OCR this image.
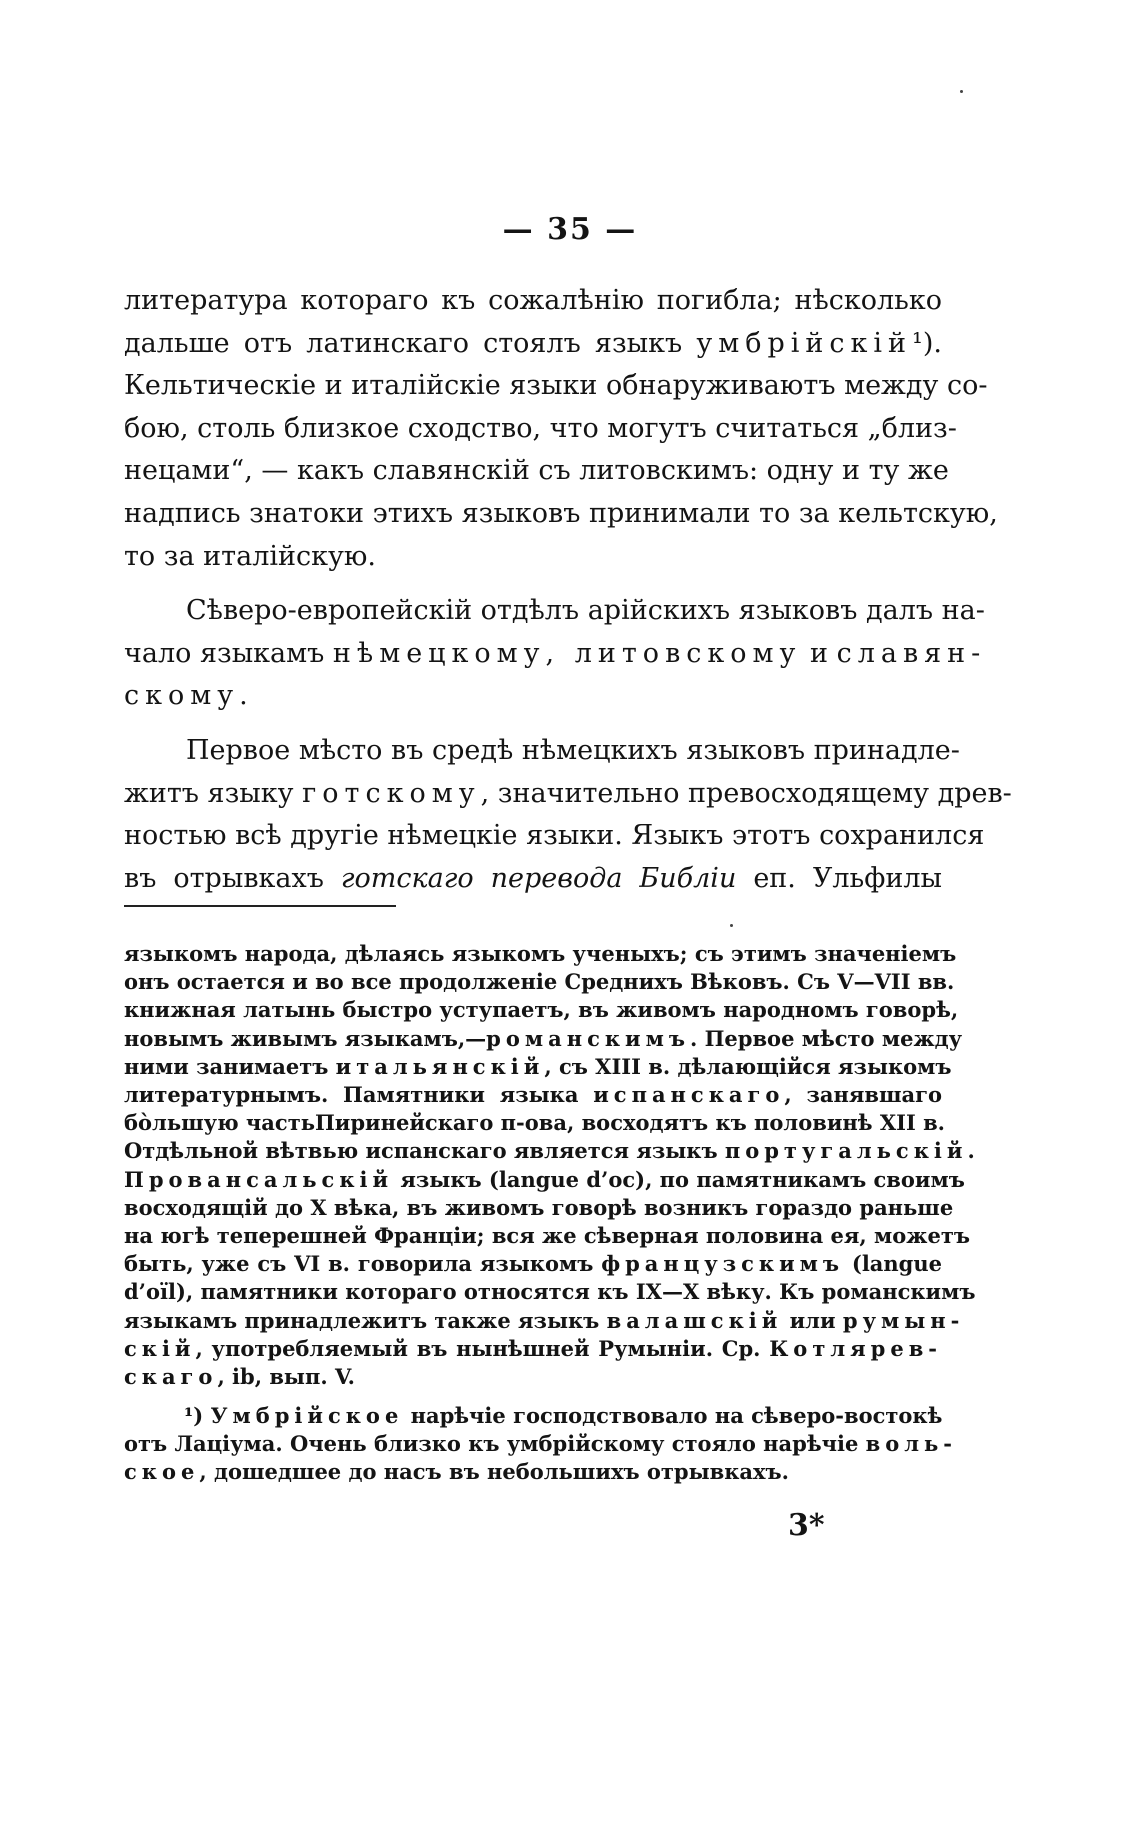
— 35 —

литература котораго къ сожалѣнію погибла; нѣсколько
дальше отъ латинскаго стоялъ языкъ умбрійскій¹).
Кельтическіе и италійскіе языки обнаруживаютъ между со-
бою, столь близкое сходство, что могутъ считаться „близ-
нецами“, — какъ славянскій съ литовскимъ: одну и ту же
надпись знатоки этихъ языковъ принимали то за кельтскую,
то за италійскую.

Сѣверо-европейскій отдѣлъ арійскихъ языковъ далъ на-
чало языкамъ нѣмецкому, литовскому и славян-
скому.

Первое мѣсто въ средѣ нѣмецкихъ языковъ принадле-
житъ языку готскому, значительно превосходящему древ-
ностью всѣ другіе нѣмецкіе языки. Языкъ этотъ сохранился
въ отрывкахъ готскаго перевода Библіи еп. Ульфилы

языкомъ народа, дѣлаясь языкомъ ученыхъ; съ этимъ значеніемъ
онъ остается и во все продолженіе Среднихъ Вѣковъ. Съ V—VII вв.
книжная латынь быстро уступаетъ, въ живомъ народномъ говорѣ,
новымъ живымъ языкамъ,—романскимъ. Первое мѣсто между
ними занимаетъ итальянскій, съ XIII в. дѣлающійся языкомъ
литературнымъ. Памятники языка испанскаго, занявшаго
бо̀льшую частьПиринейскаго п-ова, восходятъ къ половинѣ XII в.
Отдѣльной вѣтвью испанскаго является языкъ португальскій.
Провансальскій языкъ (langue d’oc), по памятникамъ своимъ
восходящій до X вѣка, въ живомъ говорѣ возникъ гораздо раньше
на югѣ теперешней Франціи; вся же сѣверная половина ея, можетъ
быть, уже съ VI в. говорила языкомъ французскимъ (langue
d’oïl), памятники котораго относятся къ IX—X вѣку. Къ романскимъ
языкамъ принадлежитъ также языкъ валашскій или румын-
скій, употребляемый въ нынѣшней Румыніи. Ср. Котлярев-
скаго, ib, вып. V.
¹) Умбрійское нарѣчіе господствовало на сѣверо-востокѣ
отъ Лаціума. Очень близко къ умбрійскому стояло нарѣчіе воль-
ское, дошедшее до насъ въ небольшихъ отрывкахъ.
3*
